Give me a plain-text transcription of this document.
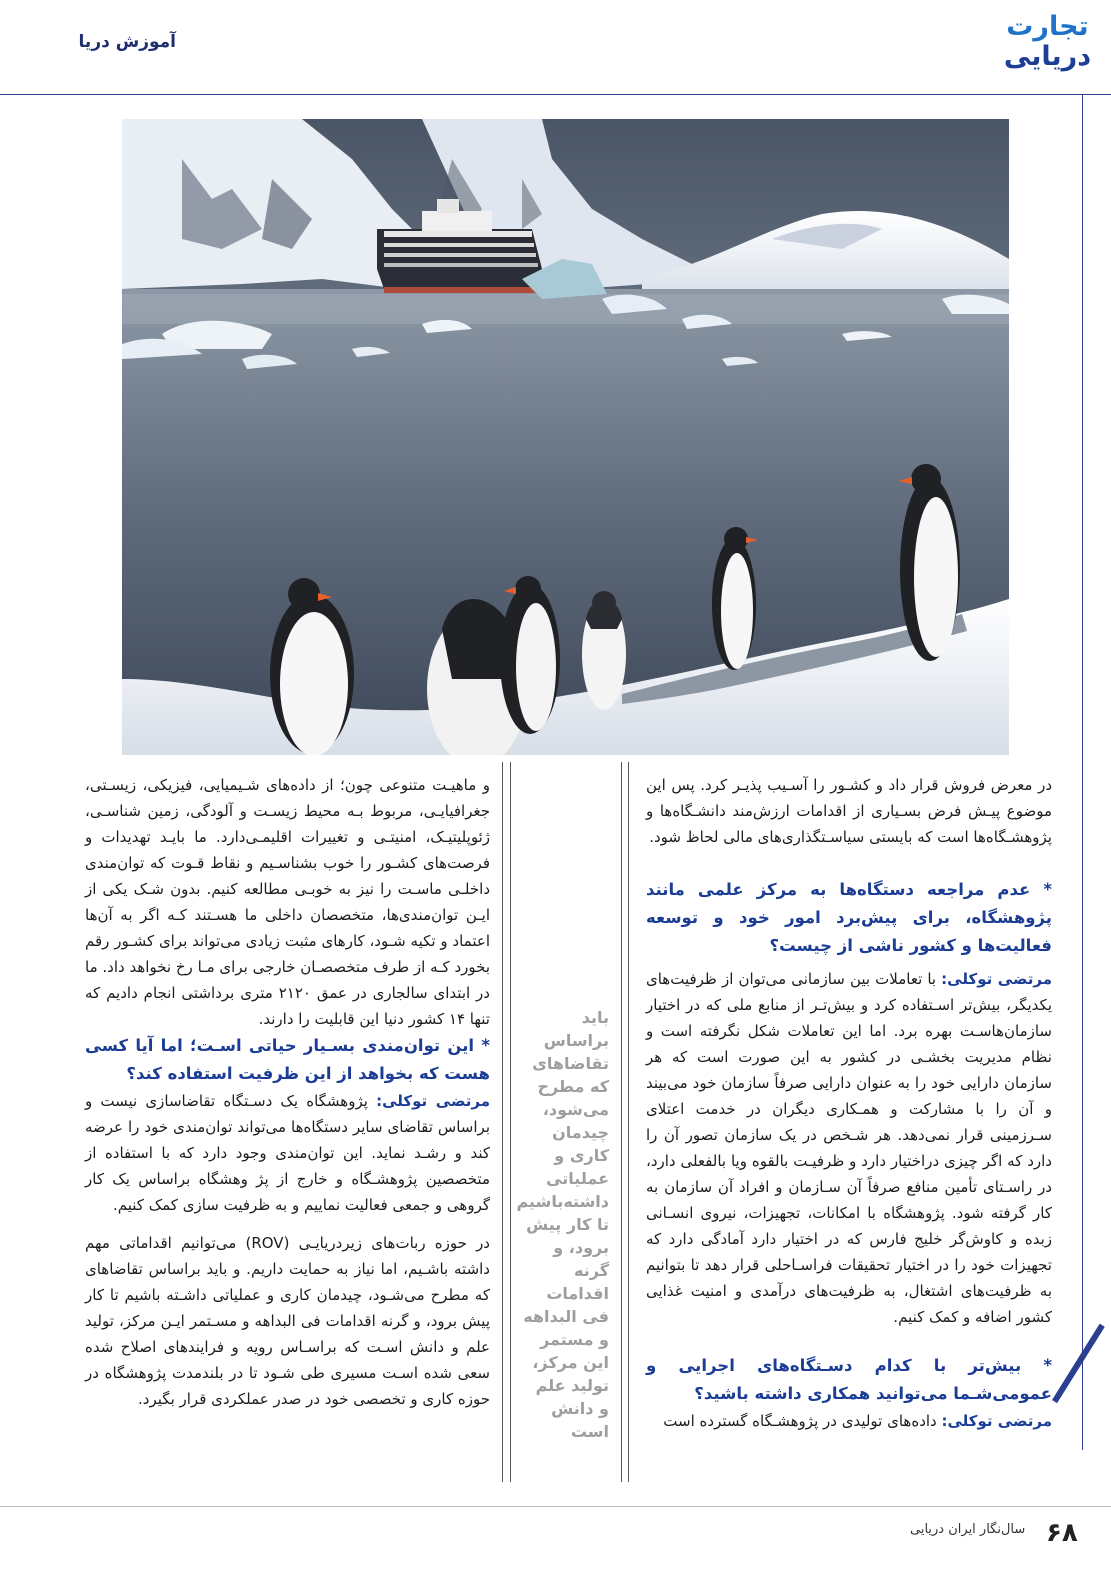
تجارت
دریایی
آموزش دریا

در معرض فروش قرار داد و کشـور را آسـیب پذیـر کرد. پس این موضوع پیـش فرض بسـیاری از اقدامات ارزش‌مند دانشـگاه‌ها و پژوهشـگاه‌ها است که بایستی سیاسـتگذاری‌های مالی لحاظ شود.

* عدم مراجعه دستگاه‌ها به مرکز علمی مانند پژوهشگاه، برای پیش‌برد امور خود و توسعه فعالیت‌ها و کشور ناشی از چیست؟

مرتضی توکلی: با تعاملات بین سازمانی می‌توان از ظرفیت‌های یکدیگر، بیش‌تر اسـتفاده کرد و بیش‌تـر از منابع ملی که در اختیار سازمان‌هاسـت بهره برد. اما این تعاملات شکل نگرفته است و نظام مدیریت بخشـی در کشور به این صورت است که هر سازمان دارایی خود را به عنوان دارایی صرفاً سازمان خود می‌بیند و آن را با مشارکت و همـکاری دیگران در خدمت اعتلای سـرزمینی قرار نمی‌دهد. هر شـخص در یک سازمان تصور آن را دارد که اگر چیزی دراختیار دارد و ظرفیـت بالقوه ویا بالفعلی دارد، در راسـتای تأمین منافع صرفاً آن سـازمان و افراد آن سازمان به کار گرفته شود. پژوهشگاه با امکانات، تجهیزات، نیروی انسـانی زبده و کاوش‌گر خلیج فارس که در اختیار دارد آمادگی دارد که تجهیزات خود را در اختیار تحقیقات فراسـاحلی قرار دهد تا بتوانیم به ظرفیت‌های اشتغال، به ظرفیت‌های درآمدی و امنیت غذایی کشور اضافه و کمک کنیم.

* بیش‌تر با کدام دسـتگاه‌های اجرایی و عمومی‌شـما می‌توانید همکاری داشته باشید؟

مرتضی توکلی: داده‌های تولیدی در پژوهشـگاه گسترده است

باید براساس تقاضاهای که مطرح می‌شود، چیدمان کاری و عملیاتی داشته‌باشیم تا کار پیش برود، و گرنه اقدامات فی البداهه و مستمر این مرکز، تولید علم و دانش است

و ماهیـت متنوعی چون؛ از داده‌های شـیمیایی، فیزیکی، زیسـتی، جغرافیایـی، مربوط بـه محیط زیسـت و آلودگی، زمین شناسـی، ژئوپلیتیـک، امنیتـی و تغییرات اقلیمـی‌دارد. ما بایـد تهدیدات و فرصت‌های کشـور را خوب بشناسـیم و نقاط قـوت که توان‌مندی داخلـی ماسـت را نیز به خوبـی مطالعه کنیم. بدون شـک یکی از ایـن توان‌مندی‌ها، متخصصان داخلی ما هسـتند کـه اگر به آن‌ها اعتماد و تکیه شـود، کارهای مثبت زیادی می‌تواند برای کشـور رقم بخورد کـه از طرف متخصصـان خارجی برای مـا رخ نخواهد داد. ما در ابتدای سالجاری در عمق ۲۱۲۰ متری برداشتی انجام دادیم که تنها ۱۴ کشور دنیا این قابلیت را دارند.

* این توان‌مندی بسـیار حیاتی اسـت؛ اما آیا کسی هست که بخواهد از این ظرفیت استفاده کند؟

مرتضی توکلی: پژوهشگاه یک دسـتگاه تقاضاسازی نیست و براساس تقاضای سایر دستگاه‌ها می‌تواند توان‌مندی خود را عرضه کند و رشـد نماید. این توان‌مندی وجود دارد که با استفاده از متخصصین پژوهشـگاه و خارج از پژ وهشگاه براساس یک کار گروهی و جمعی فعالیت نماییم و به ظرفیت سازی کمک کنیم.

در حوزه ربات‌های زیردریایـی (ROV) می‌توانیم اقداماتی مهم داشته باشـیم، اما نیاز به حمایت داریم. و باید براساس تقاضاهای که مطرح می‌شـود، چیدمان کاری و عملیاتی داشـته باشیم تا کار پیش برود، و گرنه اقدامات فی البداهه و مسـتمر ایـن مرکز، تولید علم و دانش اسـت که براسـاس رویه و فرایندهای اصلاح شده سعی شده اسـت مسیری طی شـود تا در بلندمدت پژوهشگاه در حوزه کاری و تخصصی خود در صدر عملکردی قرار بگیرد.

۶۸
سال‌نگار ایران دریایی
